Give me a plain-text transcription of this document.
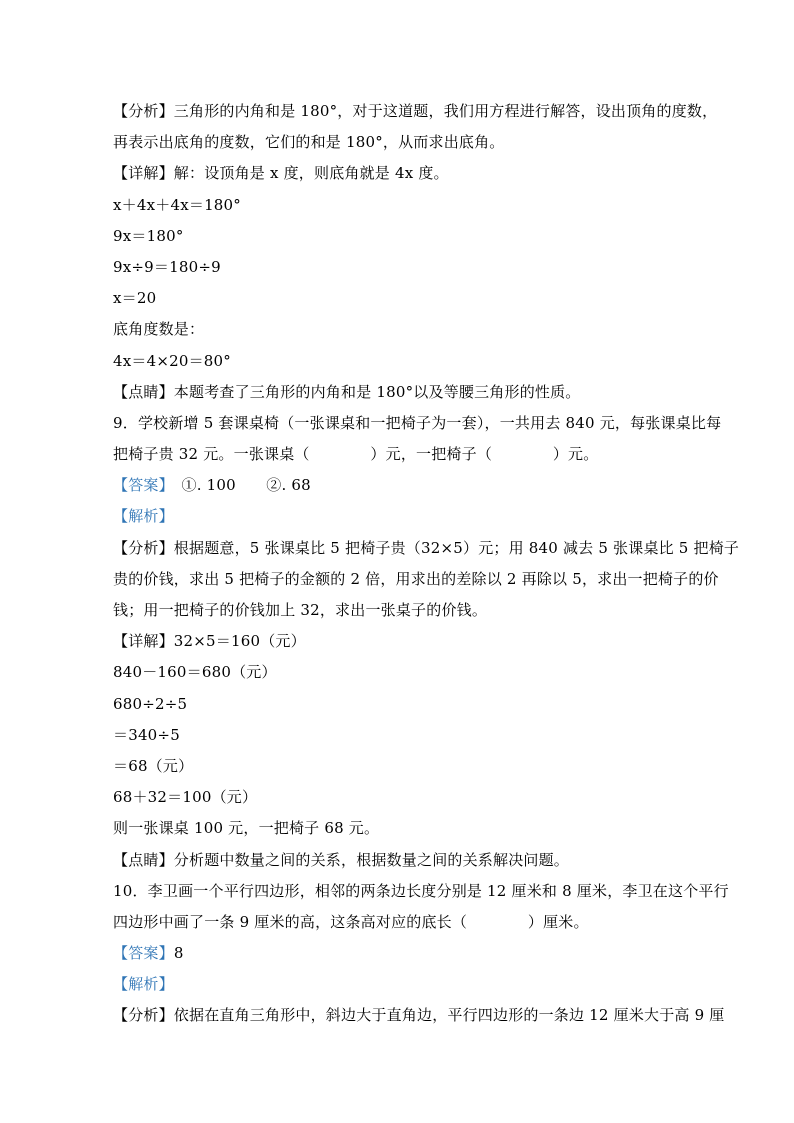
【分析】三角形的内角和是 180°，对于这道题，我们用方程进行解答，设出顶角的度数，
再表示出底角的度数，它们的和是 180°，从而求出底角。
【详解】解：设顶角是 x 度，则底角就是 4x 度。
x＋4x＋4x＝180°
9x＝180°
9x÷9＝180÷9
x＝20
底角度数是：
4x＝4×20＝80°
【点睛】本题考查了三角形的内角和是 180°以及等腰三角形的性质。
9．学校新增 5 套课桌椅（一张课桌和一把椅子为一套），一共用去 840 元，每张课桌比每
把椅子贵 32 元。一张课桌（　　　　）元，一把椅子（　　　　）元。
【答案】　①. 100　　②. 68
【解析】
【分析】根据题意，5 张课桌比 5 把椅子贵（32×5）元；用 840 减去 5 张课桌比 5 把椅子
贵的价钱，求出 5 把椅子的金额的 2 倍，用求出的差除以 2 再除以 5，求出一把椅子的价
钱；用一把椅子的价钱加上 32，求出一张桌子的价钱。
【详解】32×5＝160（元）
840－160＝680（元）
680÷2÷5
＝340÷5
＝68（元）
68＋32＝100（元）
则一张课桌 100 元，一把椅子 68 元。
【点睛】分析题中数量之间的关系，根据数量之间的关系解决问题。
10．李卫画一个平行四边形，相邻的两条边长度分别是 12 厘米和 8 厘米，李卫在这个平行
四边形中画了一条 9 厘米的高，这条高对应的底长（　　　　）厘米。
【答案】8
【解析】
【分析】依据在直角三角形中，斜边大于直角边，平行四边形的一条边 12 厘米大于高 9 厘
